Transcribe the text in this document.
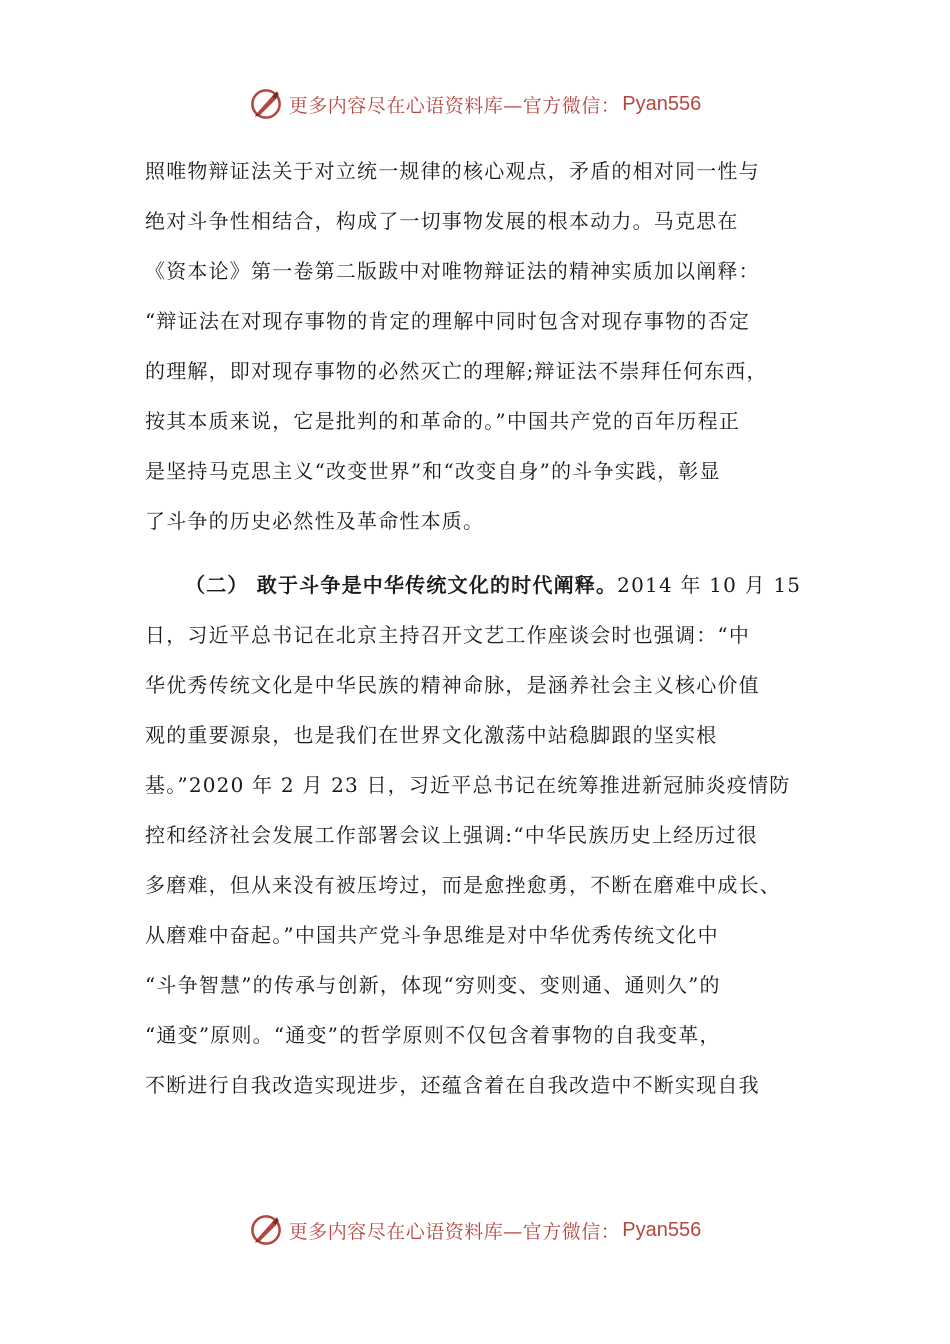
更多内容尽在心语资料库—官方微信： Pyan556
照唯物辩证法关于对立统一规律的核心观点，矛盾的相对同一性与
绝对斗争性相结合，构成了一切事物发展的根本动力。马克思在
《资本论》第一卷第二版跋中对唯物辩证法的精神实质加以阐释：
“辩证法在对现存事物的肯定的理解中同时包含对现存事物的否定
的理解，即对现存事物的必然灭亡的理解;辩证法不崇拜任何东西，
按其本质来说，它是批判的和革命的。”中国共产党的百年历程正
是坚持马克思主义“改变世界”和“改变自身”的斗争实践，彰显
了斗争的历史必然性及革命性本质。
（二） 敢于斗争是中华传统文化的时代阐释。2014 年 10 月 15
日，习近平总书记在北京主持召开文艺工作座谈会时也强调：“中
华优秀传统文化是中华民族的精神命脉，是涵养社会主义核心价值
观的重要源泉，也是我们在世界文化激荡中站稳脚跟的坚实根
基。”2020 年 2 月 23 日，习近平总书记在统筹推进新冠肺炎疫情防
控和经济社会发展工作部署会议上强调:“中华民族历史上经历过很
多磨难，但从来没有被压垮过，而是愈挫愈勇，不断在磨难中成长、
从磨难中奋起。”中国共产党斗争思维是对中华优秀传统文化中
“斗争智慧”的传承与创新，体现“穷则变、变则通、通则久”的
“通变”原则。“通变”的哲学原则不仅包含着事物的自我变革，
不断进行自我改造实现进步，还蕴含着在自我改造中不断实现自我
更多内容尽在心语资料库—官方微信： Pyan556
